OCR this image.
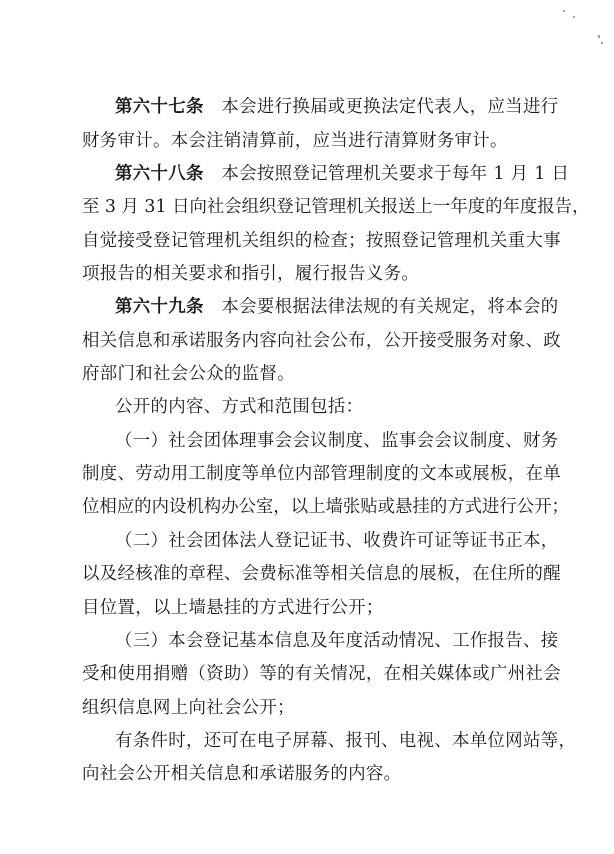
第六十七条 本会进行换届或更换法定代表人，应当进行
财务审计。本会注销清算前，应当进行清算财务审计。
第六十八条 本会按照登记管理机关要求于每年 1 月 1 日
至 3 月 31 日向社会组织登记管理机关报送上一年度的年度报告，
自觉接受登记管理机关组织的检查；按照登记管理机关重大事
项报告的相关要求和指引，履行报告义务。
第六十九条 本会要根据法律法规的有关规定，将本会的
相关信息和承诺服务内容向社会公布，公开接受服务对象、政
府部门和社会公众的监督。
公开的内容、方式和范围包括：
（一）社会团体理事会会议制度、监事会会议制度、财务
制度、劳动用工制度等单位内部管理制度的文本或展板，在单
位相应的内设机构办公室，以上墙张贴或悬挂的方式进行公开；
（二）社会团体法人登记证书、收费许可证等证书正本，
以及经核准的章程、会费标准等相关信息的展板，在住所的醒
目位置，以上墙悬挂的方式进行公开；
（三）本会登记基本信息及年度活动情况、工作报告、接
受和使用捐赠（资助）等的有关情况，在相关媒体或广州社会
组织信息网上向社会公开；
有条件时，还可在电子屏幕、报刊、电视、本单位网站等，
向社会公开相关信息和承诺服务的内容。
